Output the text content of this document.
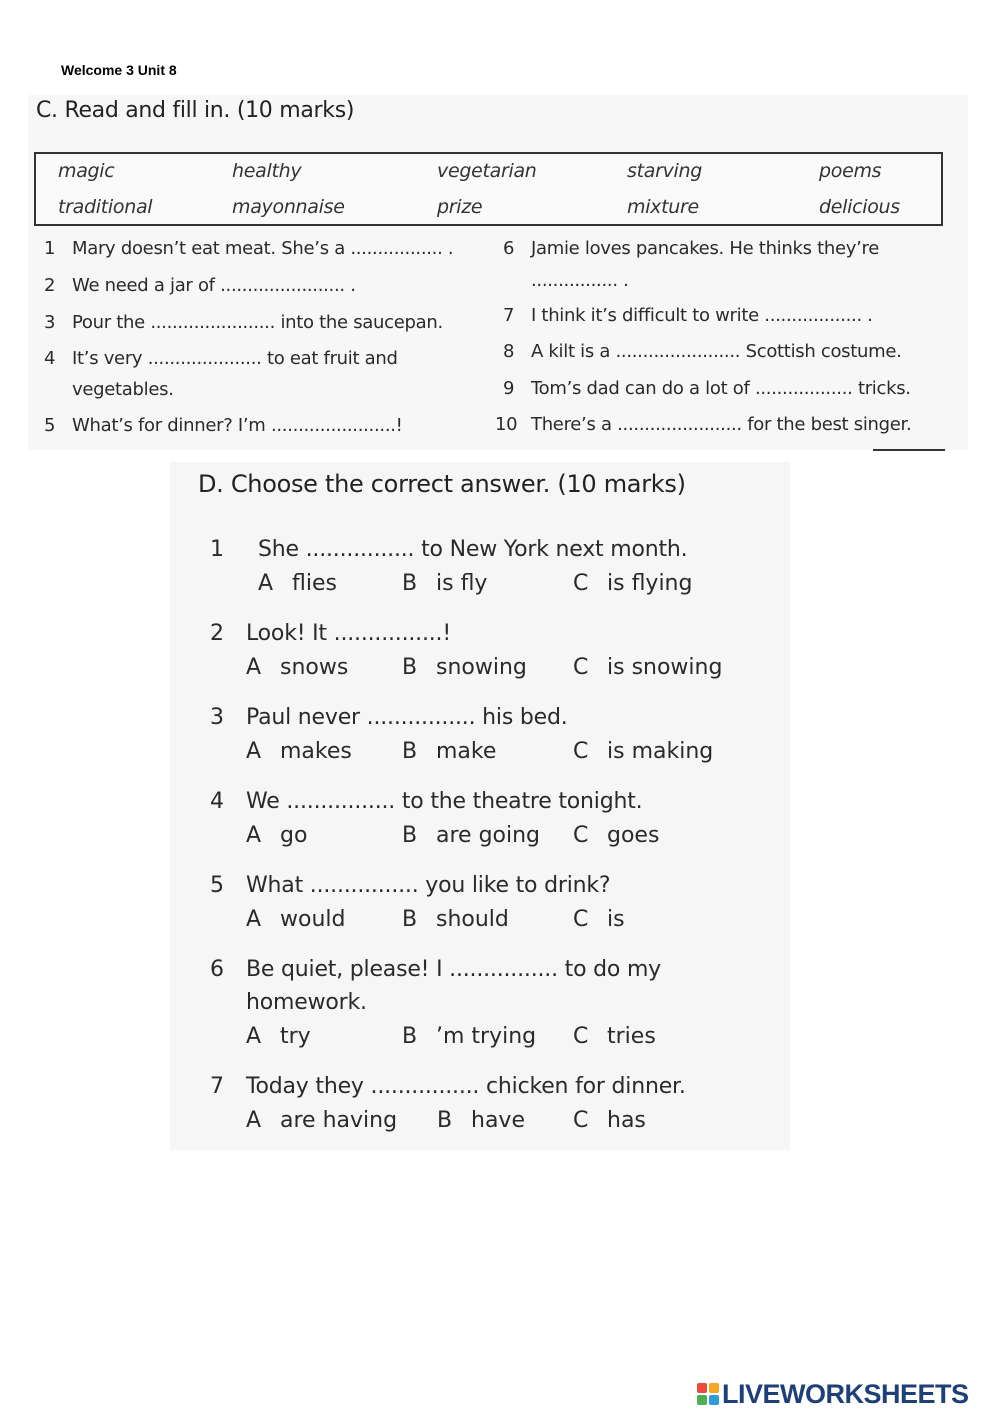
Welcome 3 Unit 8
C. Read and fill in. (10 marks)
magic	healthy	vegetarian	starving	poems
traditional	mayonnaise	prize	mixture	delicious
1 Mary doesn’t eat meat. She’s a ................. .
2 We need a jar of ....................... .
3 Pour the ....................... into the saucepan.
4 It’s very ..................... to eat fruit and
vegetables.
5 What’s for dinner? I’m .......................!
6 Jamie loves pancakes. He thinks they’re
................ .
7 I think it’s difficult to write .................. .
8 A kilt is a ....................... Scottish costume.
9 Tom’s dad can do a lot of .................. tricks.
10 There’s a ....................... for the best singer.
D. Choose the correct answer. (10 marks)
1 She ................ to New York next month.
A flies	B is fly	C is flying
2 Look! It ................!
A snows B snowing C is snowing
3 Paul never ................ his bed.
A makes B make	C is making
4 We ................ to the theatre tonight.
A go	B are going C goes
5 What ................ you like to drink?
A would	B should	C is
6 Be quiet, please! I ................ to do my
homework.
A try	B ’m trying C tries
7 Today they ................ chicken for dinner.
A are having B have C has
LIVEWORKSHEETS
